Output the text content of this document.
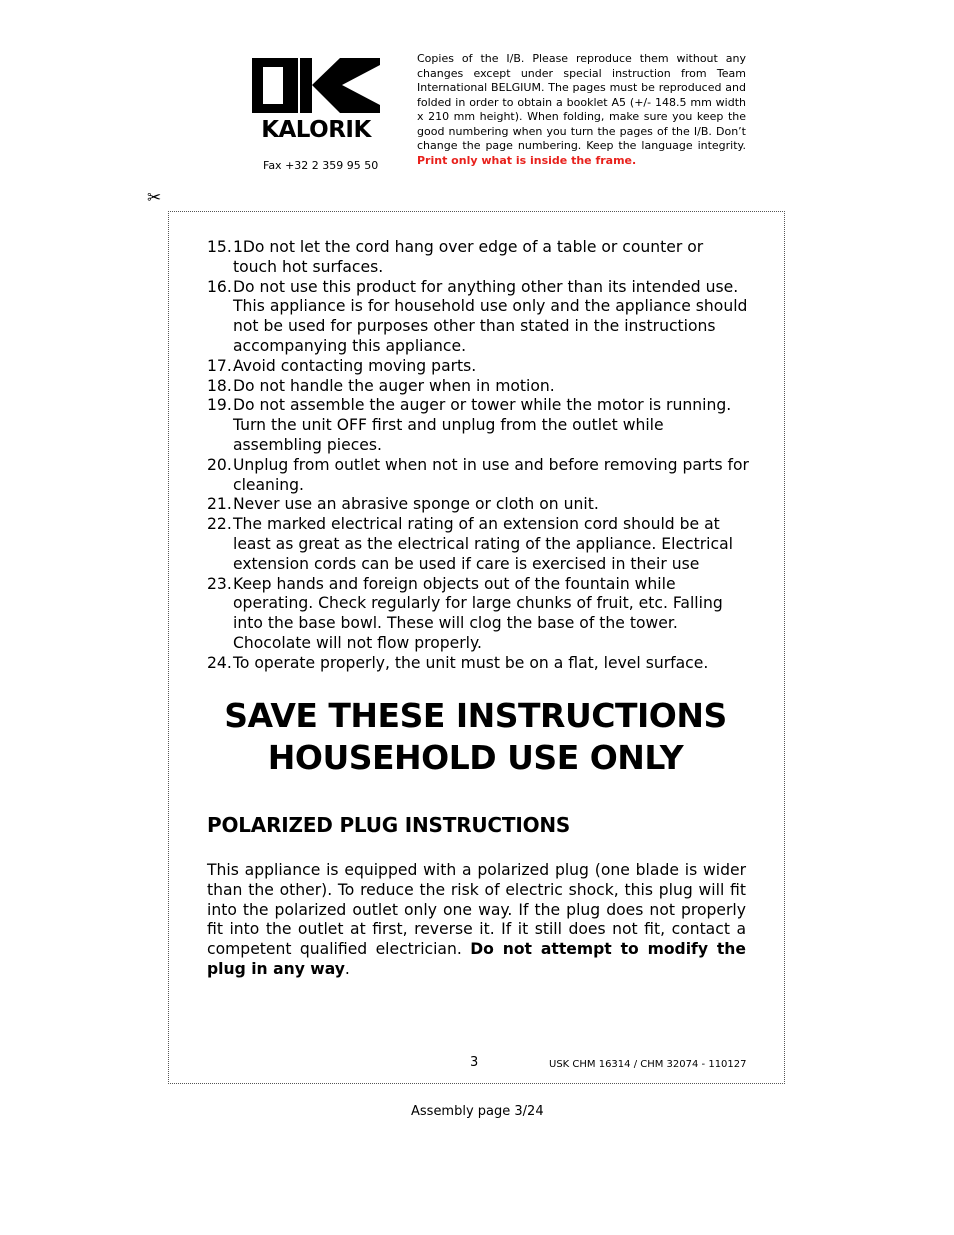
KALORIK
Fax +32 2 359 95 50
Copies of the I/B. Please reproduce them without any changes except under special instruction from Team International BELGIUM. The pages must be reproduced and folded in order to obtain a booklet A5 (+/- 148.5 mm width x 210 mm height). When folding, make sure you keep the good numbering when you turn the pages of the I/B. Don’t change the page numbering. Keep the language integrity. Print only what is inside the frame.
✂
15. 1Do not let the cord hang over edge of a table or counter or touch hot surfaces.
16. Do not use this product for anything other than its intended use. This appliance is for household use only and the appliance should not be used for purposes other than stated in the instructions accompanying this appliance.
17. Avoid contacting moving parts.
18. Do not handle the auger when in motion.
19. Do not assemble the auger or tower while the motor is running. Turn the unit OFF first and unplug from the outlet while assembling pieces.
20. Unplug from outlet when not in use and before removing parts for cleaning.
21. Never use an abrasive sponge or cloth on unit.
22. The marked electrical rating of an extension cord should be at least as great as the electrical rating of the appliance. Electrical extension cords can be used if care is exercised in their use
23. Keep hands and foreign objects out of the fountain while operating. Check regularly for large chunks of fruit, etc. Falling into the base bowl. These will clog the base of the tower. Chocolate will not flow properly.
24. To operate properly, the unit must be on a flat, level surface.
SAVE THESE INSTRUCTIONS
HOUSEHOLD USE ONLY
POLARIZED PLUG INSTRUCTIONS
This appliance is equipped with a polarized plug (one blade is wider than the other). To reduce the risk of electric shock, this plug will fit into the polarized outlet only one way. If the plug does not properly fit into the outlet at first, reverse it. If it still does not fit, contact a competent qualified electrician. Do not attempt to modify the plug in any way.
3	USK CHM 16314 / CHM 32074 - 110127
Assembly page 3/24
